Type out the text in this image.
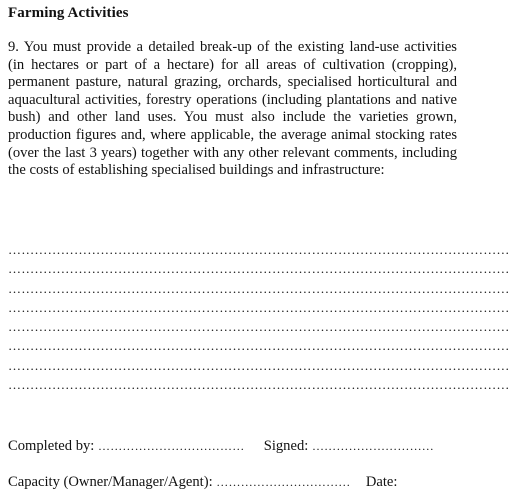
Farming Activities

9. You must provide a detailed break-up of the existing land-use activities (in hectares or part of a hectare) for all areas of cultivation (cropping), permanent pasture, natural grazing, orchards, specialised horticultural and aquacultural activities, forestry operations (including plantations and native bush) and other land uses. You must also include the varieties grown, production figures and, where applicable, the average animal stocking rates (over the last 3 years) together with any other relevant comments, including the costs of establishing specialised buildings and infrastructure:

……………………………………………………………………………………………………
……………………………………………………………………………………………………
……………………………………………………………………………………………………
……………………………………………………………………………………………………
……………………………………………………………………………………………………
……………………………………………………………………………………………………
……………………………………………………………………………………………………
……………………………………………………………………………………………………
Completed by: ……………………………… Signed: …………………………
Capacity (Owner/Manager/Agent): …………………………… Date:
